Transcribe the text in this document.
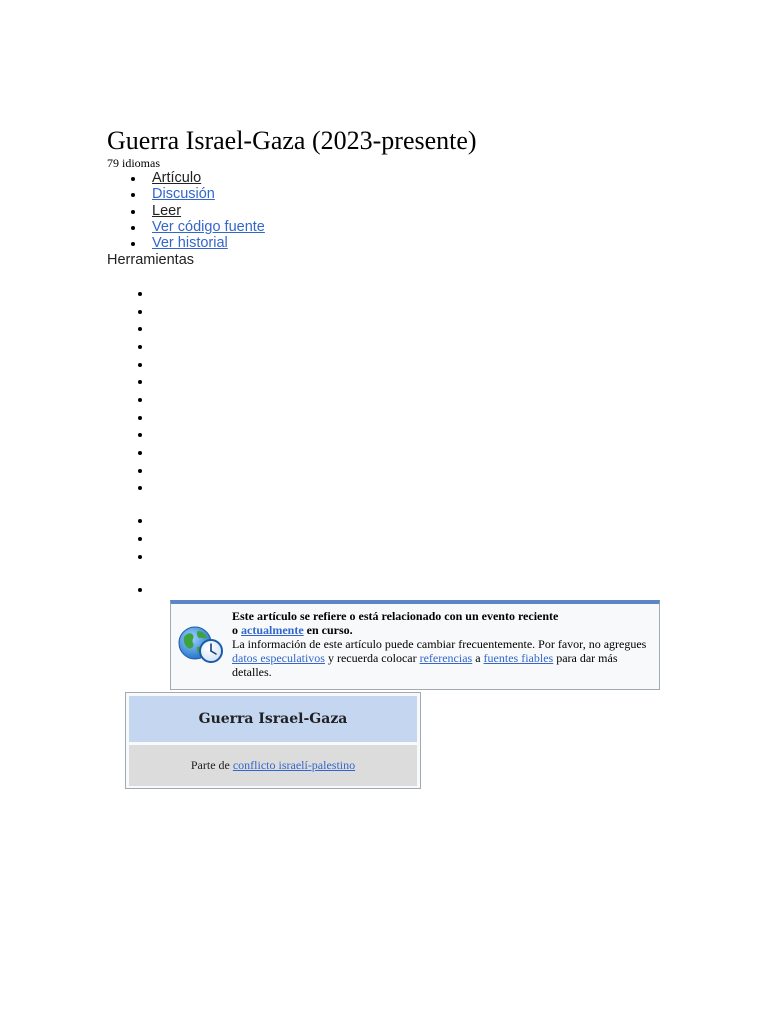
Guerra Israel-Gaza (2023-presente)
79 idiomas
Artículo
Discusión
Leer
Ver código fuente
Ver historial
Herramientas
Este artículo se refiere o está relacionado con un evento reciente
o actualmente en curso.
La información de este artículo puede cambiar frecuentemente. Por favor, no agregues datos especulativos y recuerda colocar referencias a fuentes fiables para dar más detalles.
Guerra Israel-Gaza
Parte de conflicto israelí-palestino
